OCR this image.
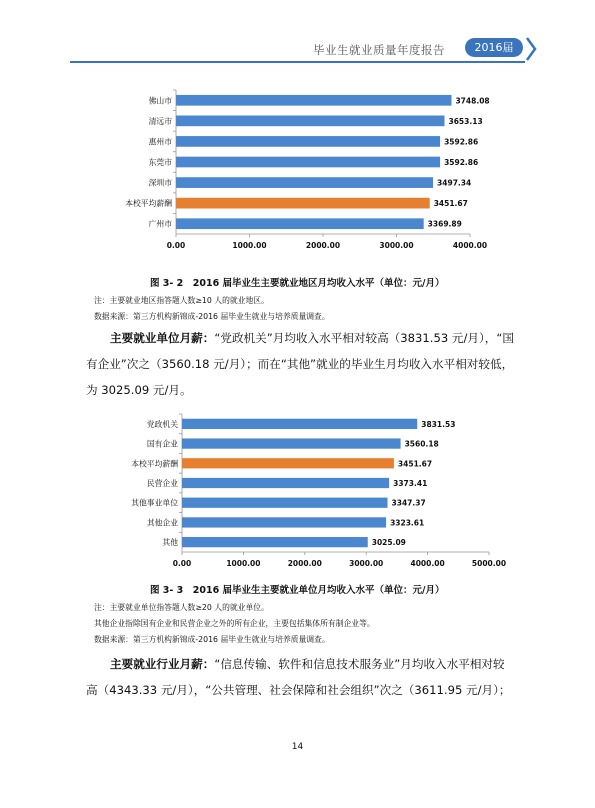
毕业生就业质量年度报告	2016届
佛山市	3748.08
清远市	3653.13
惠州市	3592.86
东莞市	3592.86
深圳市	3497.34
本校平均薪酬	3451.67
广州市	3369.89
0.00	1000.00	2000.00	3000.00	4000.00
图 3- 2　2016 届毕业生主要就业地区月均收入水平（单位：元/月）
注：主要就业地区指答题人数≥10 人的就业地区。
数据来源：第三方机构新锦成-2016 届毕业生就业与培养质量调查。
主要就业单位月薪：“党政机关”月均收入水平相对较高（3831.53 元/月），“国
有企业”次之（3560.18 元/月）；而在“其他”就业的毕业生月均收入水平相对较低，
为 3025.09 元/月。
党政机关	3831.53
国有企业	3560.18
本校平均薪酬	3451.67
民营企业	3373.41
其他事业单位	3347.37
其他企业	3323.61
其他	3025.09
0.00	1000.00	2000.00	3000.00	4000.00	5000.00
图 3- 3　2016 届毕业生主要就业单位月均收入水平（单位：元/月）
注：主要就业单位指答题人数≥20 人的就业单位。
其他企业指除国有企业和民营企业之外的所有企业，主要包括集体所有制企业等。
数据来源：第三方机构新锦成-2016 届毕业生就业与培养质量调查。
主要就业行业月薪：“信息传输、软件和信息技术服务业”月均收入水平相对较
高（4343.33 元/月），“公共管理、社会保障和社会组织”次之（3611.95 元/月）；
14
